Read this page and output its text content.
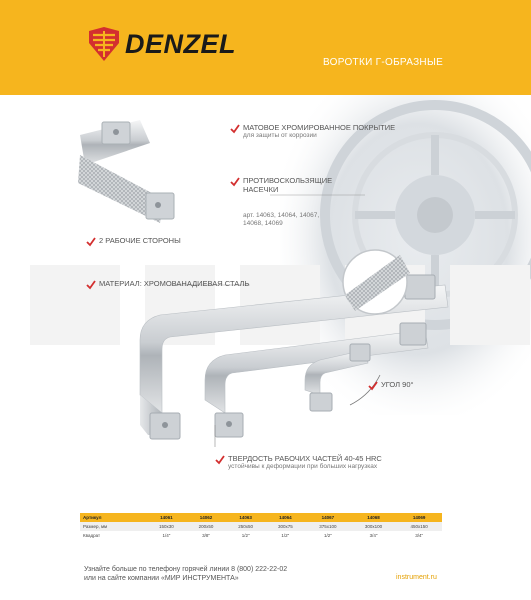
DENZEL
ВОРОТКИ Г-ОБРАЗНЫЕ
МАТОВОЕ ХРОМИРОВАННОЕ ПОКРЫТИЕ
для защиты от коррозии
ПРОТИВОСКОЛЬЗЯЩИЕ
НАСЕЧКИ
арт. 14063, 14064, 14067,
14068, 14069
2 РАБОЧИЕ СТОРОНЫ
МАТЕРИАЛ: ХРОМОВАНАДИЕВАЯ СТАЛЬ
УГОЛ 90°
ТВЕРДОСТЬ РАБОЧИХ ЧАСТЕЙ 40-45 HRC
устойчивы к деформации при больших нагрузках
Артикул	14061	14062	14063	14064	14067	14068	14069
Размер, мм	150х30	200х50	250х50	300х75	375х100	300х100	450х150
Квадрат	1/4"	3/8"	1/2"	1/2"	1/2"	3/4"	3/4"
Узнайте больше по телефону горячей линии 8 (800) 222-22-02
или на сайте компании «МИР ИНСТРУМЕНТА»	instrument.ru
